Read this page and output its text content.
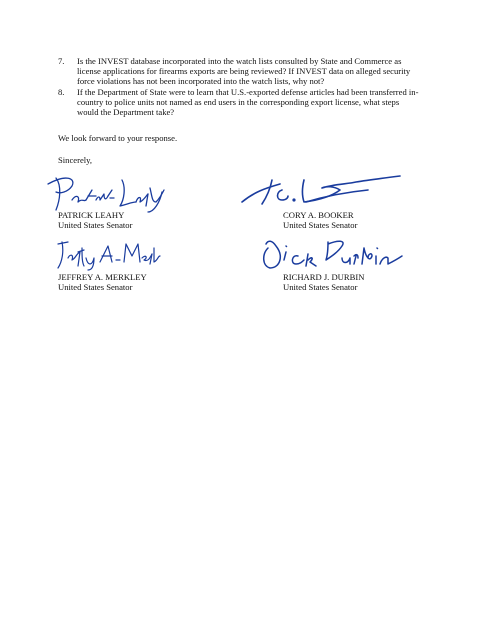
7. Is the INVEST database incorporated into the watch lists consulted by State and Commerce as license applications for firearms exports are being reviewed? If INVEST data on alleged security force violations has not been incorporated into the watch lists, why not?
8. If the Department of State were to learn that U.S.-exported defense articles had been transferred in-country to police units not named as end users in the corresponding export license, what steps would the Department take?
We look forward to your response.
Sincerely,
PATRICK LEAHY
United States Senator
CORY A. BOOKER
United States Senator
JEFFREY A. MERKLEY
United States Senator
RICHARD J. DURBIN
United States Senator
